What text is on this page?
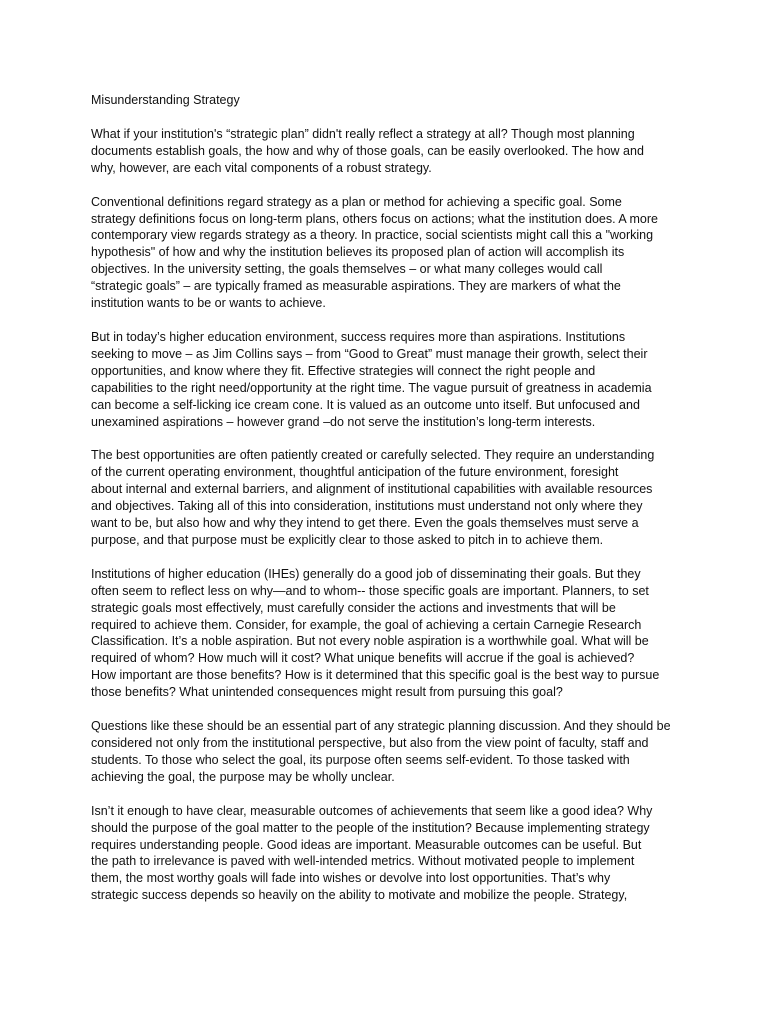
Misunderstanding Strategy
What if your institution's “strategic plan” didn't really reflect a strategy at all? Though most planning
documents establish goals, the how and why of those goals, can be easily overlooked. The how and
why, however, are each vital components of a robust strategy.
Conventional definitions regard strategy as a plan or method for achieving a specific goal. Some
strategy definitions focus on long-term plans, others focus on actions; what the institution does. A more
contemporary view regards strategy as a theory. In practice, social scientists might call this a "working
hypothesis" of how and why the institution believes its proposed plan of action will accomplish its
objectives. In the university setting, the goals themselves – or what many colleges would call
“strategic goals” – are typically framed as measurable aspirations. They are markers of what the
institution wants to be or wants to achieve.
But in today’s higher education environment, success requires more than aspirations. Institutions
seeking to move – as Jim Collins says – from “Good to Great” must manage their growth, select their
opportunities, and know where they fit. Effective strategies will connect the right people and
capabilities to the right need/opportunity at the right time. The vague pursuit of greatness in academia
can become a self-licking ice cream cone. It is valued as an outcome unto itself. But unfocused and
unexamined aspirations – however grand –do not serve the institution’s long-term interests.
The best opportunities are often patiently created or carefully selected. They require an understanding
of the current operating environment, thoughtful anticipation of the future environment, foresight
about internal and external barriers, and alignment of institutional capabilities with available resources
and objectives. Taking all of this into consideration, institutions must understand not only where they
want to be, but also how and why they intend to get there. Even the goals themselves must serve a
purpose, and that purpose must be explicitly clear to those asked to pitch in to achieve them.
Institutions of higher education (IHEs) generally do a good job of disseminating their goals. But they
often seem to reflect less on why—and to whom-- those specific goals are important. Planners, to set
strategic goals most effectively, must carefully consider the actions and investments that will be
required to achieve them. Consider, for example, the goal of achieving a certain Carnegie Research
Classification. It’s a noble aspiration. But not every noble aspiration is a worthwhile goal. What will be
required of whom? How much will it cost? What unique benefits will accrue if the goal is achieved?
How important are those benefits? How is it determined that this specific goal is the best way to pursue
those benefits? What unintended consequences might result from pursuing this goal?
Questions like these should be an essential part of any strategic planning discussion. And they should be
considered not only from the institutional perspective, but also from the view point of faculty, staff and
students. To those who select the goal, its purpose often seems self-evident. To those tasked with
achieving the goal, the purpose may be wholly unclear.
Isn’t it enough to have clear, measurable outcomes of achievements that seem like a good idea? Why
should the purpose of the goal matter to the people of the institution? Because implementing strategy
requires understanding people. Good ideas are important. Measurable outcomes can be useful. But
the path to irrelevance is paved with well-intended metrics. Without motivated people to implement
them, the most worthy goals will fade into wishes or devolve into lost opportunities. That’s why
strategic success depends so heavily on the ability to motivate and mobilize the people. Strategy,
